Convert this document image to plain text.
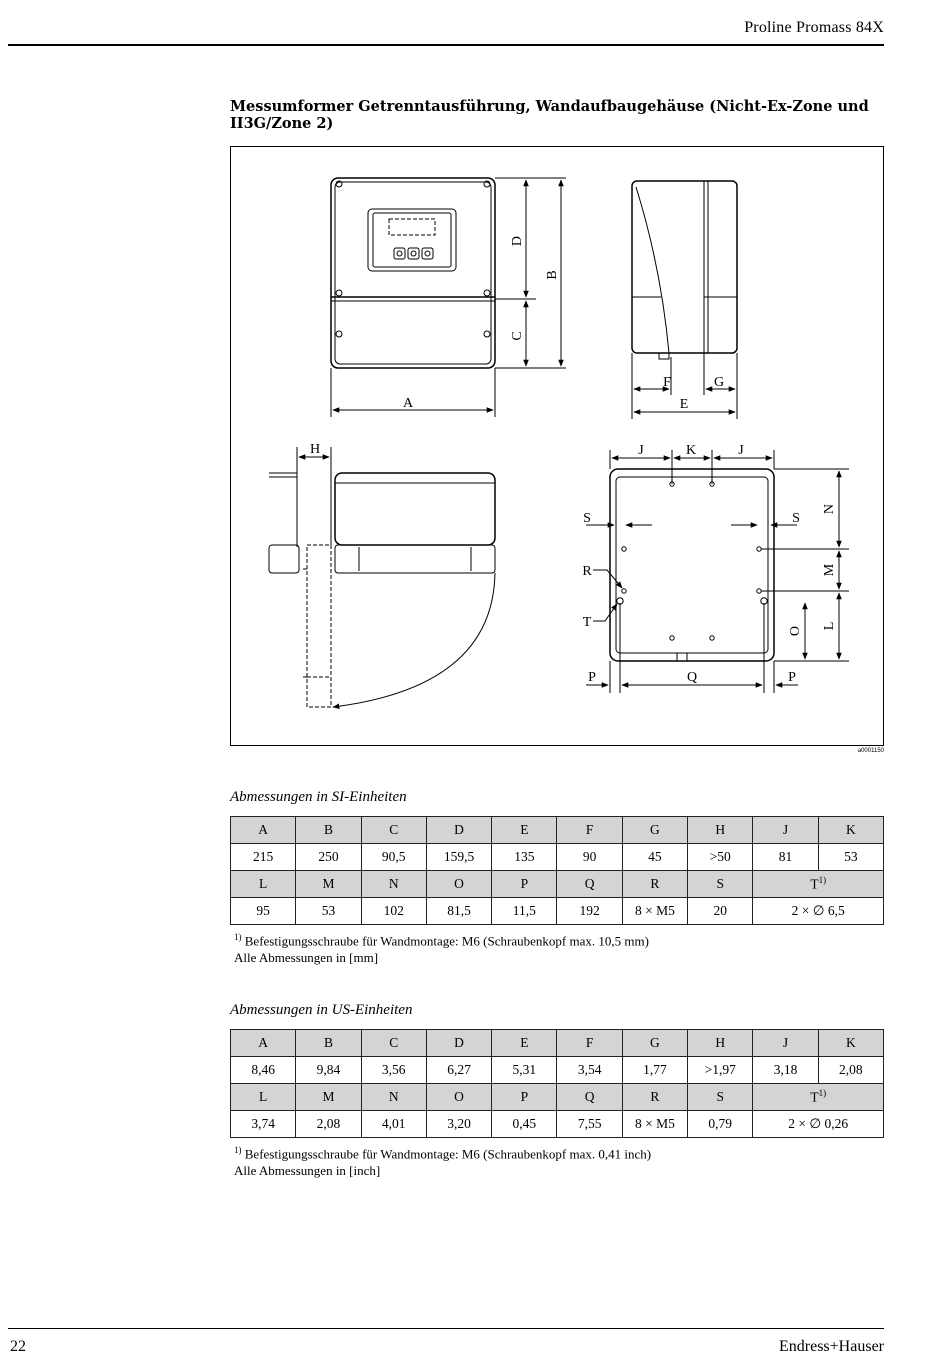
Proline Promass 84X
Messumformer Getrenntausführung, Wandaufbaugehäuse (Nicht-Ex-Zone und II3G/Zone 2)
A
D
C
B
F	G
E
H	J	K	J
S	S
R
T
N
M
L
O
P	Q	P
a0001150
Abmessungen in SI-Einheiten
A	B	C	D	E	F	G	H	J	K
215	250	90,5	159,5	135	90	45	>50	81	53
L	M	N	O	P	Q	R	S	$T^{1)}$
95	53	102	81,5	11,5	192	8 × M5	20	2 × ∅ 6,5	
$^{1)}$ Befestigungsschraube für Wandmontage: M6 (Schraubenkopf max. 10,5 mm)
Alle Abmessungen in [mm]
Abmessungen in US-Einheiten
A	B	C	D	E	F	G	H	J	K
8,46	9,84	3,56	6,27	5,31	3,54	1,77	>1,97	3,18	2,08
L	M	N	O	P	Q	R	S	$T^{1)}$
3,74	2,08	4,01	3,20	0,45	7,55	8 × M5	0,79	2 × ∅ 0,26	
$^{1)}$ Befestigungsschraube für Wandmontage: M6 (Schraubenkopf max. 0,41 inch)
Alle Abmessungen in [inch]
22	Endress+Hauser
